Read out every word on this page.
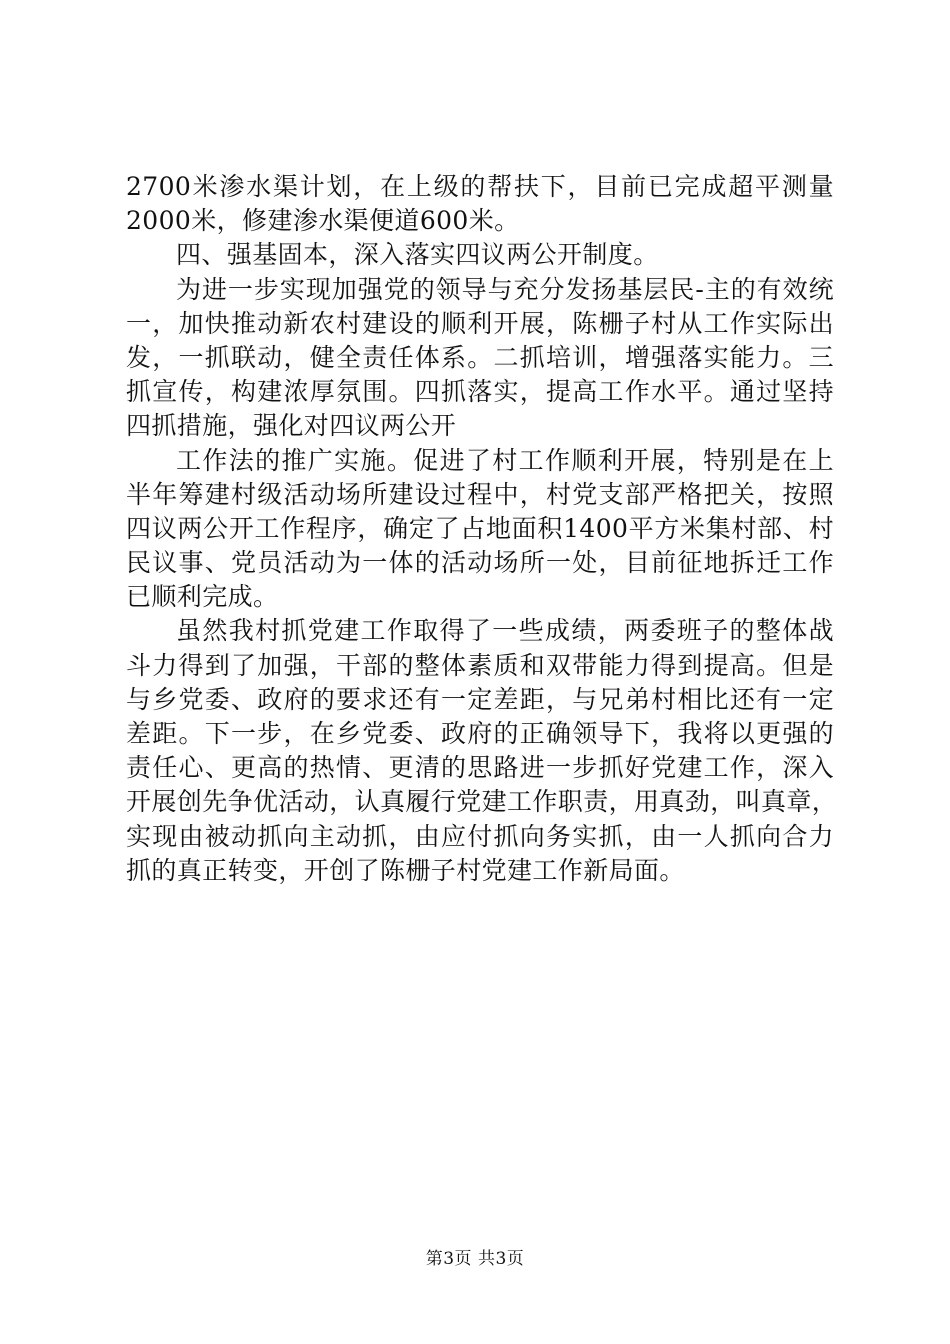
2700米渗水渠计划，在上级的帮扶下，目前已完成超平测量
2000米，修建渗水渠便道600米。
四、强基固本，深入落实四议两公开制度。
为进一步实现加强党的领导与充分发扬基层民-主的有效统
一，加快推动新农村建设的顺利开展，陈栅子村从工作实际出
发，一抓联动，健全责任体系。二抓培训，增强落实能力。三
抓宣传，构建浓厚氛围。四抓落实，提高工作水平。通过坚持
四抓措施，强化对四议两公开
工作法的推广实施。促进了村工作顺利开展，特别是在上
半年筹建村级活动场所建设过程中，村党支部严格把关，按照
四议两公开工作程序，确定了占地面积1400平方米集村部、村
民议事、党员活动为一体的活动场所一处，目前征地拆迁工作
已顺利完成。
虽然我村抓党建工作取得了一些成绩，两委班子的整体战
斗力得到了加强，干部的整体素质和双带能力得到提高。但是
与乡党委、政府的要求还有一定差距，与兄弟村相比还有一定
差距。下一步，在乡党委、政府的正确领导下，我将以更强的
责任心、更高的热情、更清的思路进一步抓好党建工作，深入
开展创先争优活动，认真履行党建工作职责，用真劲，叫真章，
实现由被动抓向主动抓，由应付抓向务实抓，由一人抓向合力
抓的真正转变，开创了陈栅子村党建工作新局面。
第3页 共3页
